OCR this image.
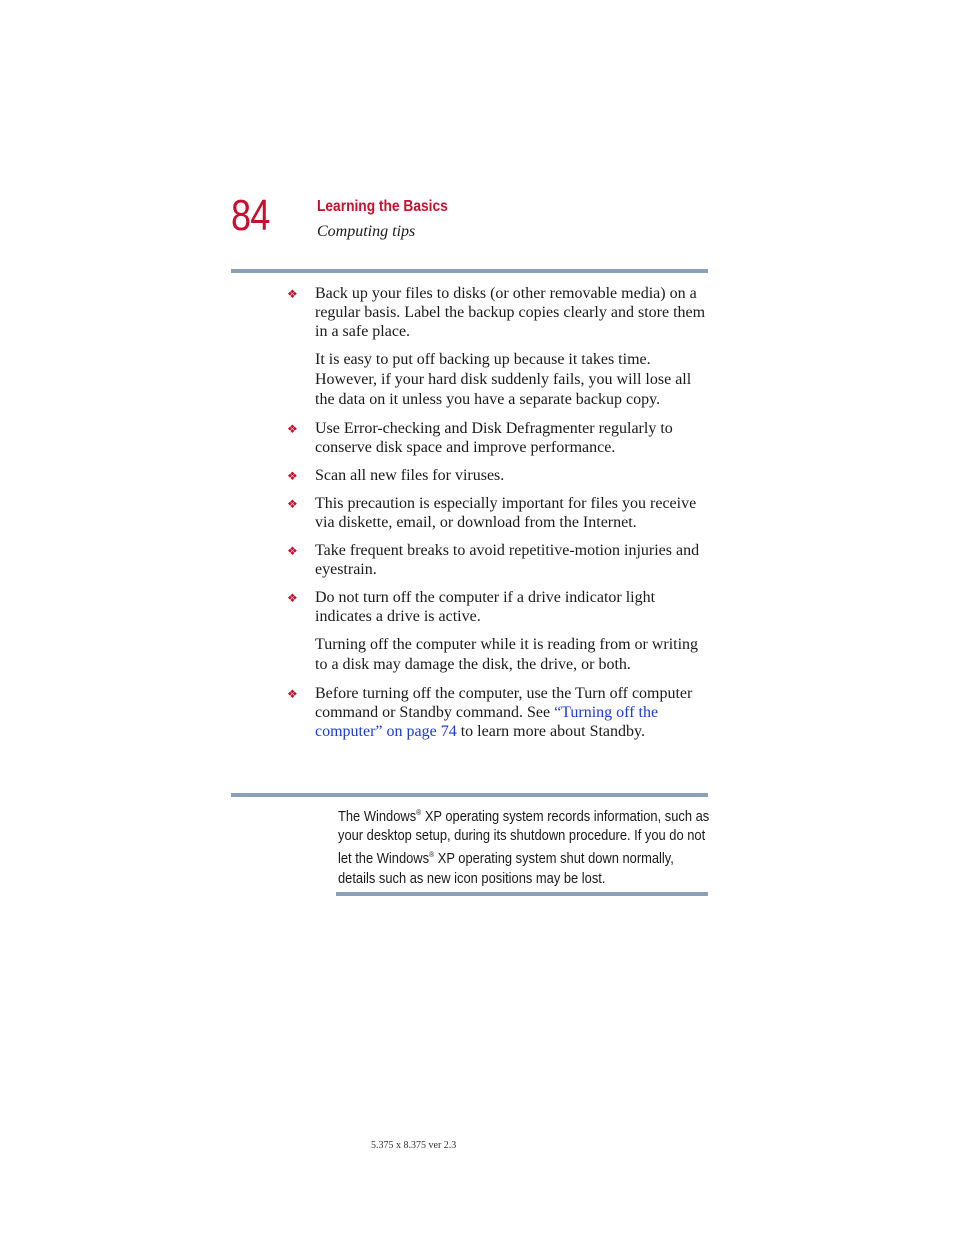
84	Learning the Basics
Computing tips
❖ Back up your files to disks (or other removable media) on a regular basis. Label the backup copies clearly and store them in a safe place.
It is easy to put off backing up because it takes time. However, if your hard disk suddenly fails, you will lose all the data on it unless you have a separate backup copy.
❖ Use Error-checking and Disk Defragmenter regularly to conserve disk space and improve performance.
❖ Scan all new files for viruses.
❖ This precaution is especially important for files you receive via diskette, email, or download from the Internet.
❖ Take frequent breaks to avoid repetitive-motion injuries and eyestrain.
❖ Do not turn off the computer if a drive indicator light indicates a drive is active.
Turning off the computer while it is reading from or writing to a disk may damage the disk, the drive, or both.
❖ Before turning off the computer, use the Turn off computer command or Standby command. See “Turning off the computer” on page 74 to learn more about Standby.
The Windows® XP operating system records information, such as your desktop setup, during its shutdown procedure. If you do not let the Windows® XP operating system shut down normally, details such as new icon positions may be lost.
5.375 x 8.375 ver 2.3
